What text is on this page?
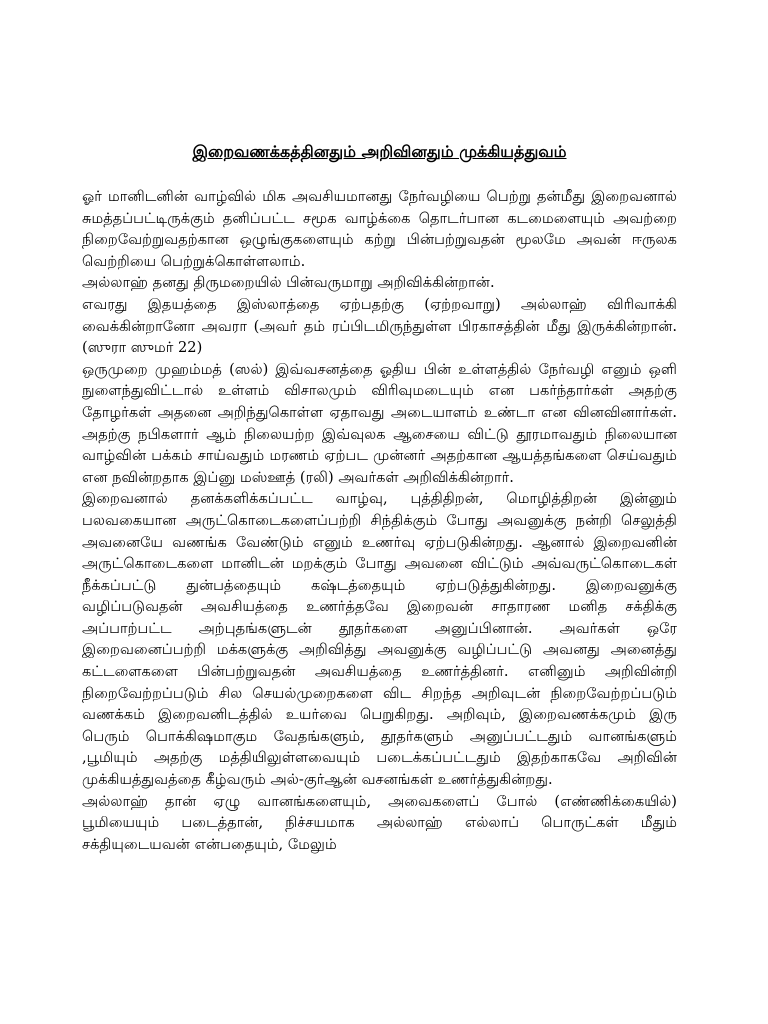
இறைவணக்கத்தினதும் அறிவினதும் முக்கியத்துவம்

ஓர் மானிடனின் வாழ்வில் மிக அவசியமானது நேர்வழியை பெற்று தன்மீது இறைவனால் சுமத்தப்பட்டிருக்கும் தனிப்பட்ட சமூக வாழ்க்கை தொடர்பான கடமைளையும் அவற்றை நிறைவேற்றுவதற்கான ஒழுங்குகளையும் கற்று பின்பற்றுவதன் மூலமே அவன் ஈருலக வெற்றியை பெற்றுக்கொள்ளலாம்.

அல்லாஹ் தனது திருமறையில் பின்வருமாறு அறிவிக்கின்றான்.

எவரது இதயத்தை இஸ்லாத்தை ஏற்பதற்கு (ஏற்றவாறு) அல்லாஹ் விரிவாக்கி வைக்கின்றானோ அவரா (அவர் தம் ரப்பிடமிருந்துள்ள பிரகாசத்தின் மீது இருக்கின்றான். (ஸுரா ஸுமர் 22)

ஒருமுறை முஹம்மத் (ஸல்) இவ்வசனத்தை ஓதிய பின் உள்ளத்தில் நேர்வழி எனும் ஒளி நுளைந்துவிட்டால் உள்ளம் விசாலமும் விரிவுமடையும் என பகர்ந்தார்கள் அதற்கு தோழர்கள் அதனை அறிந்துகொள்ள ஏதாவது அடையாளம் உண்டா என வினவினார்கள். அதற்கு நபிகளார் ஆம் நிலையற்ற இவ்வுலக ஆசையை விட்டு தூரமாவதும் நிலையான வாழ்வின் பக்கம் சாய்வதும் மரணம் ஏற்பட முன்னர் அதற்கான ஆயத்தங்களை செய்வதும் என நவின்றதாக இப்னு மஸ்ஊத் (ரலி) அவர்கள் அறிவிக்கின்றார்.

இறைவனால் தனக்களிக்கப்பட்ட வாழ்வு, புத்திதிறன், மொழித்திறன் இன்னும் பலவகையான அருட்கொடைகளைப்பற்றி சிந்திக்கும் போது அவனுக்கு நன்றி செலுத்தி அவனையே வணங்க வேண்டும் எனும் உணர்வு ஏற்படுகின்றது. ஆனால் இறைவனின் அருட்கொடைகளை மானிடன் மறக்கும் போது அவனை விட்டும் அவ்வருட்கொடைகள் நீக்கப்பட்டு துன்பத்தையும் கஷ்டத்தையும் ஏற்படுத்துகின்றது. இறைவனுக்கு வழிப்படுவதன் அவசியத்தை உணர்த்தவே இறைவன் சாதாரண மனித சக்திக்கு அப்பாற்பட்ட அற்புதங்களுடன் தூதர்களை அனுப்பினான். அவர்கள் ஒரே இறைவனைப்பற்றி மக்களுக்கு அறிவித்து அவனுக்கு வழிப்பட்டு அவனது அனைத்து கட்டளைகளை பின்பற்றுவதன் அவசியத்தை உணர்த்தினர். எனினும் அறிவின்றி நிறைவேற்றப்படும் சில செயல்முறைகளை விட சிறந்த அறிவுடன் நிறைவேற்றப்படும் வணக்கம் இறைவனிடத்தில் உயர்வை பெறுகிறது. அறிவும், இறைவணக்கமும் இரு பெரும் பொக்கிஷமாகும வேதங்களும், தூதர்களும் அனுப்பட்டதும் வானங்களும் ,பூமியும் அதற்கு மத்தியிலுள்ளவையும் படைக்கப்பட்டதும் இதற்காகவே அறிவின் முக்கியத்துவத்தை கீழ்வரும் அல்-குர்ஆன் வசனங்கள் உணர்த்துகின்றது.

அல்லாஹ் தான் ஏழு வானங்களையும், அவைகளைப் போல் (எண்ணிக்கையில்) பூமியையும் படைத்தான், நிச்சயமாக அல்லாஹ் எல்லாப் பொருட்கள் மீதும் சக்தியுடையவன் என்பதையும், மேலும்
